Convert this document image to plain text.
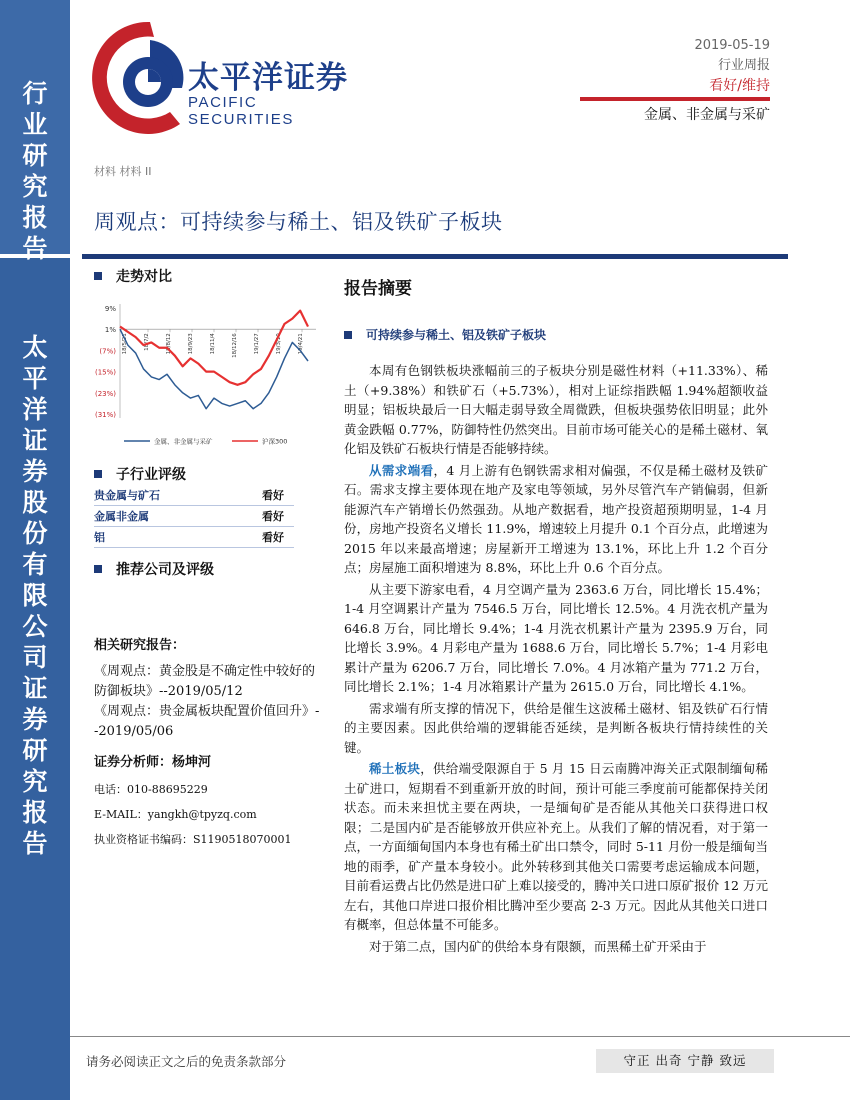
行
业
研
究
报
告
太
平
洋
证
券
股
份
有
限
公
司
证
券
研
究
报
告
太平洋证券
PACIFIC SECURITIES
2019-05-19
行业周报
看好/维持
金属、非金属与采矿
材料 材料 II
周观点：可持续参与稀土、铝及铁矿子板块
走势对比
9%
1%
(7%)
(15%)
(23%)
(31%)
18/5/21	18/7/2	18/8/12	18/9/23	18/11/4	18/12/16	19/1/27	19/3/10	19/4/21
金属、非金属与采矿	沪深300
子行业评级
贵金属与矿石	看好
金属非金属	看好
铝	看好
推荐公司及评级
相关研究报告：
《周观点：黄金股是不确定性中较好的防御板块》--2019/05/12
《周观点：贵金属板块配置价值回升》--2019/05/06
证券分析师：杨坤河
电话：010-88695229
E-MAIL：yangkh@tpyzq.com
执业资格证书编码：S1190518070001
报告摘要
可持续参与稀土、铝及铁矿子板块

本周有色钢铁板块涨幅前三的子板块分别是磁性材料（+11.33%）、稀土（+9.38%）和铁矿石（+5.73%），相对上证综指跌幅 1.94%超额收益明显；铝板块最后一日大幅走弱导致全周微跌，但板块强势依旧明显；此外黄金跌幅 0.77%，防御特性仍然突出。目前市场可能关心的是稀土磁材、氧化铝及铁矿石板块行情是否能够持续。

从需求端看，4 月上游有色钢铁需求相对偏强，不仅是稀土磁材及铁矿石。需求支撑主要体现在地产及家电等领域，另外尽管汽车产销偏弱，但新能源汽车产销增长仍然强劲。从地产数据看，地产投资超预期明显，1-4 月份，房地产投资名义增长 11.9%，增速较上月提升 0.1 个百分点，此增速为 2015 年以来最高增速；房屋新开工增速为 13.1%，环比上升 1.2 个百分点；房屋施工面积增速为 8.8%，环比上升 0.6 个百分点。

从主要下游家电看，4 月空调产量为 2363.6 万台，同比增长 15.4%；1-4 月空调累计产量为 7546.5 万台，同比增长 12.5%。4 月洗衣机产量为 646.8 万台，同比增长 9.4%；1-4 月洗衣机累计产量为 2395.9 万台，同比增长 3.9%。4 月彩电产量为 1688.6 万台，同比增长 5.7%；1-4 月彩电累计产量为 6206.7 万台，同比增长 7.0%。4 月冰箱产量为 771.2 万台，同比增长 2.1%；1-4 月冰箱累计产量为 2615.0 万台，同比增长 4.1%。

需求端有所支撑的情况下，供给是催生这波稀土磁材、铝及铁矿石行情的主要因素。因此供给端的逻辑能否延续，是判断各板块行情持续性的关键。

稀土板块，供给端受限源自于 5 月 15 日云南腾冲海关正式限制缅甸稀土矿进口，短期看不到重新开放的时间，预计可能三季度前可能都保持关闭状态。而未来担忧主要在两块，一是缅甸矿是否能从其他关口获得进口权限；二是国内矿是否能够放开供应补充上。从我们了解的情况看，对于第一点，一方面缅甸国内本身也有稀土矿出口禁令，同时 5-11 月份一般是缅甸当地的雨季，矿产量本身较小。此外转移到其他关口需要考虑运输成本问题，目前看运费占比仍然是进口矿上难以接受的，腾冲关口进口原矿报价 12 万元左右，其他口岸进口报价相比腾冲至少要高 2-3 万元。因此从其他关口进口有概率，但总体量不可能多。

对于第二点，国内矿的供给本身有限额，而黑稀土矿开采由于

请务必阅读正文之后的免责条款部分	守正 出奇 宁静 致远
